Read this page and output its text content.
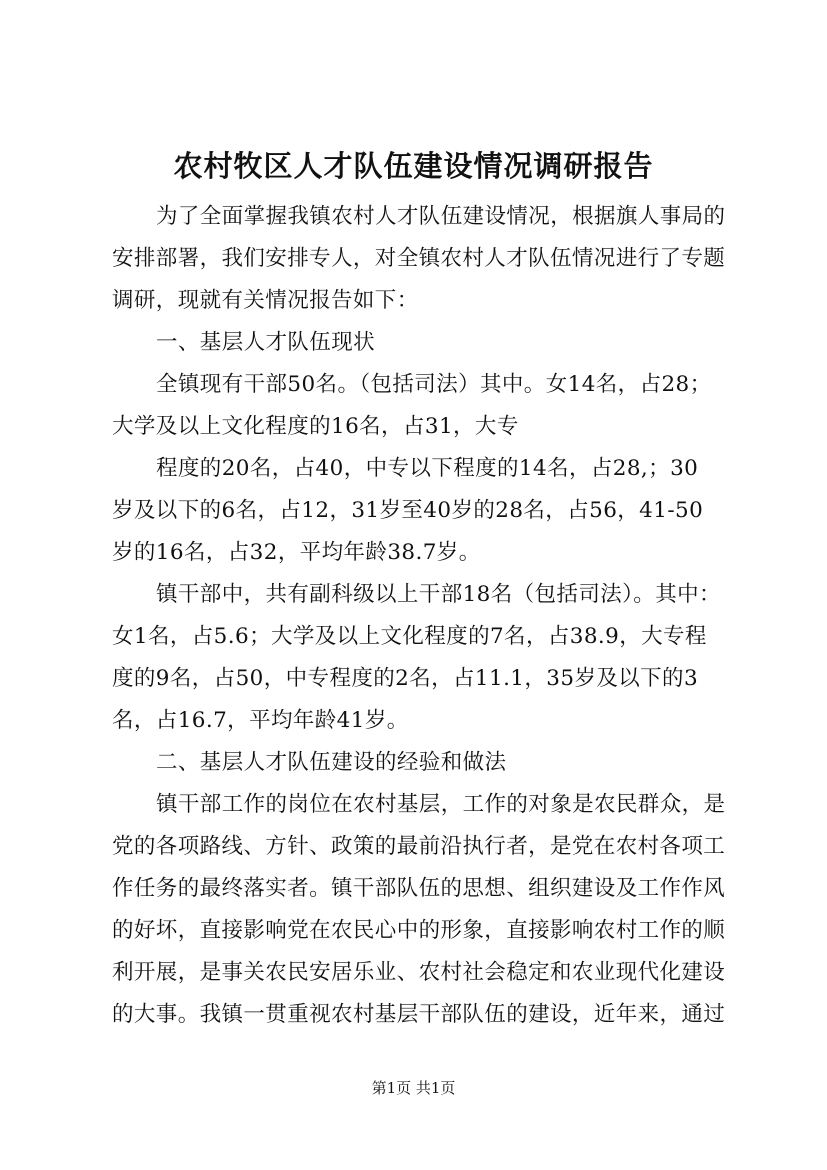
农村牧区人才队伍建设情况调研报告
为了全面掌握我镇农村人才队伍建设情况，根据旗人事局的
安排部署，我们安排专人，对全镇农村人才队伍情况进行了专题
调研，现就有关情况报告如下：
一、基层人才队伍现状
全镇现有干部50名。（包括司法）其中。女14名，占28；
大学及以上文化程度的16名，占31，大专
程度的20名，占40，中专以下程度的14名，占28,；30
岁及以下的6名，占12，31岁至40岁的28名，占56，41-50
岁的16名，占32，平均年龄38.7岁。
镇干部中，共有副科级以上干部18名（包括司法）。其中：
女1名，占5.6；大学及以上文化程度的7名，占38.9，大专程
度的9名，占50，中专程度的2名，占11.1，35岁及以下的3
名，占16.7，平均年龄41岁。
二、基层人才队伍建设的经验和做法
镇干部工作的岗位在农村基层，工作的对象是农民群众，是
党的各项路线、方针、政策的最前沿执行者，是党在农村各项工
作任务的最终落实者。镇干部队伍的思想、组织建设及工作作风
的好坏，直接影响党在农民心中的形象，直接影响农村工作的顺
利开展，是事关农民安居乐业、农村社会稳定和农业现代化建设
的大事。我镇一贯重视农村基层干部队伍的建设，近年来，通过
第1页 共1页
